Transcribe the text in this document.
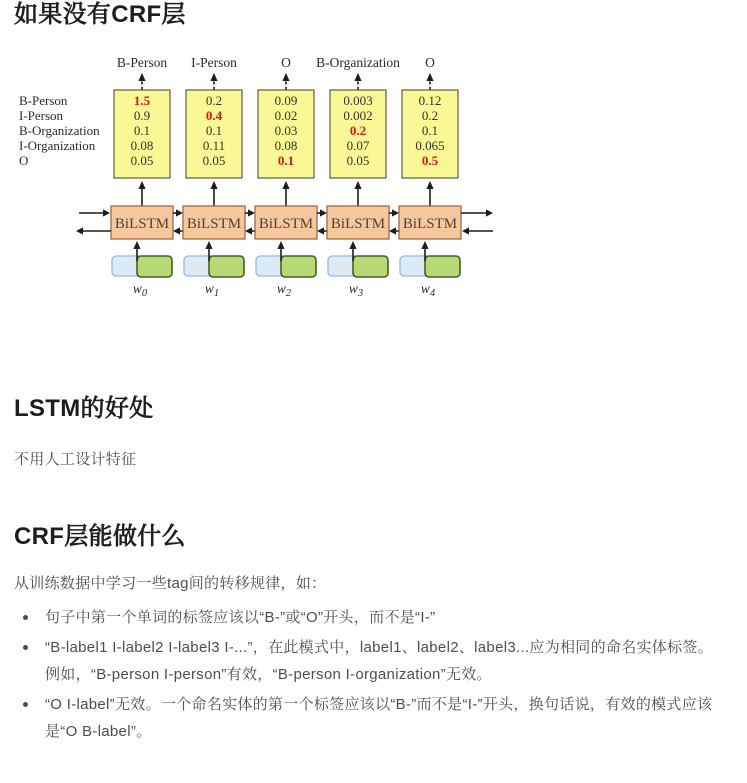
如果没有CRF层
B-Person
I-Person
B-Organization
I-Organization
O
B-Person
1.5
0.9
0.1
0.08
0.05
BiLSTM
w0
I-Person
0.2
0.4
0.1
0.11
0.05
BiLSTM
w1
O
0.09
0.02
0.03
0.08
0.1
BiLSTM
w2
B-Organization
0.003
0.002
0.2
0.07
0.05
BiLSTM
w3
O
0.12
0.2
0.1
0.065
0.5
BiLSTM
w4
LSTM的好处

不用人工设计特征

CRF层能做什么

从训练数据中学习一些tag间的转移规律，如：

句子中第一个单词的标签应该以“B-”或“O”开头，而不是“I-”
“B-label1 I-label2 I-label3 I-...”，在此模式中，label1、label2、label3...应为相同的命名实体标签。例如，“B-person I-person”有效，“B-person I-organization”无效。
“O I-label”无效。一个命名实体的第一个标签应该以“B-”而不是“I-”开头，换句话说，有效的模式应该是“O B-label”。
